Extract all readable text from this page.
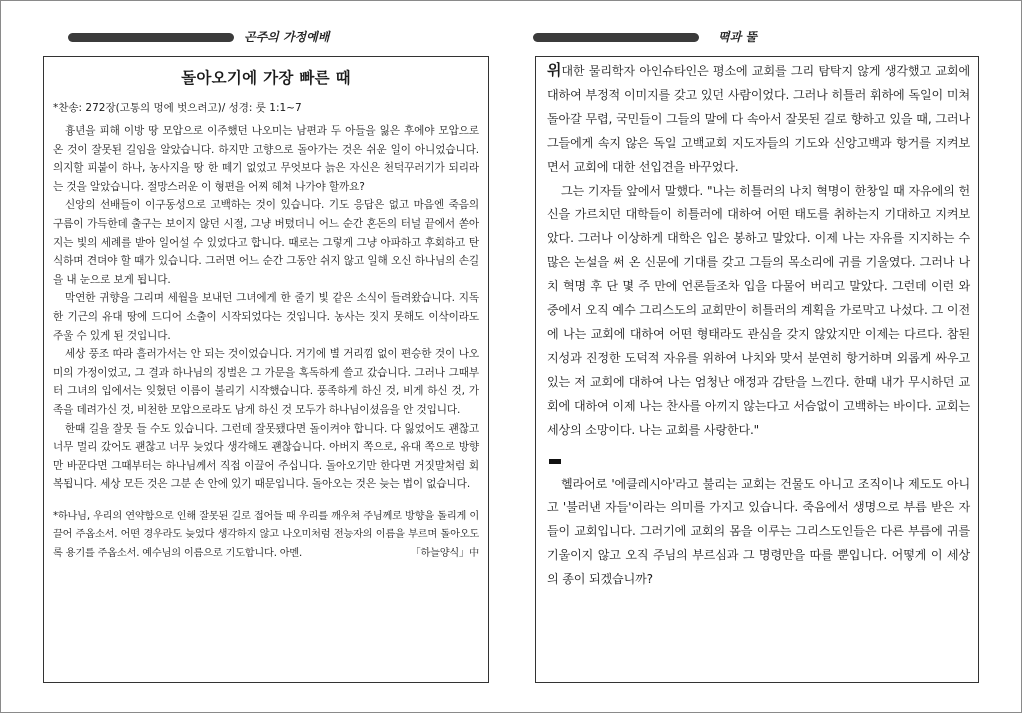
곤주의 가정예배	뗙과 뚤
돌아오기에 가장 빠른 때
*찬송: 272장(고통의 멍에 벗으려고)/ 성경: 룻 1:1~7

흉년을 피해 이방 땅 모압으로 이주했던 나오미는 남편과 두 아들을 잃은 후에야 모압으로 온 것이 잘못된 길임을 알았습니다. 하지만 고향으로 돌아가는 것은 쉬운 일이 아니었습니다. 의지할 피붙이 하나, 농사지을 땅 한 떼기 없었고 무엇보다 늙은 자신은 천덕꾸러기가 되리라는 것을 알았습니다. 절망스러운 이 형편을 어찌 헤쳐 나가야 할까요?

신앙의 선배들이 이구동성으로 고백하는 것이 있습니다. 기도 응답은 없고 마음엔 죽음의 구름이 가득한데 출구는 보이지 않던 시절, 그냥 버텼더니 어느 순간 혼돈의 터널 끝에서 쏟아지는 빛의 세례를 받아 일어설 수 있었다고 합니다. 때로는 그렇게 그냥 아파하고 후회하고 탄식하며 견뎌야 할 때가 있습니다. 그러면 어느 순간 그동안 쉬지 않고 일해 오신 하나님의 손길을 내 눈으로 보게 됩니다.

막연한 귀향을 그리며 세월을 보내던 그녀에게 한 줄기 빛 같은 소식이 들려왔습니다. 지독한 기근의 유대 땅에 드디어 소출이 시작되었다는 것입니다. 농사는 짓지 못해도 이삭이라도 주울 수 있게 된 것입니다.

세상 풍조 따라 흘러가서는 안 되는 것이었습니다. 거기에 별 거리낌 없이 편승한 것이 나오미의 가정이었고, 그 결과 하나님의 징벌은 그 가문을 혹독하게 쓸고 갔습니다. 그러나 그때부터 그녀의 입에서는 잊혔던 이름이 불리기 시작했습니다. 풍족하게 하신 것, 비게 하신 것, 가족을 데려가신 것, 비천한 모압으로라도 남게 하신 것 모두가 하나님이셨음을 안 것입니다.

한때 길을 잘못 들 수도 있습니다. 그런데 잘못됐다면 돌이켜야 합니다. 다 잃었어도 괜찮고 너무 멀리 갔어도 괜찮고 너무 늦었다 생각해도 괜찮습니다. 아버지 쪽으로, 유대 쪽으로 방향만 바꾼다면 그때부터는 하나님께서 직접 이끌어 주십니다. 돌아오기만 한다면 거짓말처럼 회복됩니다. 세상 모든 것은 그분 손 안에 있기 때문입니다. 돌아오는 것은 늦는 법이 없습니다.

*하나님, 우리의 연약함으로 인해 잘못된 길로 접어들 때 우리를 깨우쳐 주님께로 방향을 돌리게 이끌어 주옵소서. 어떤 경우라도 늦었다 생각하지 않고 나오미처럼 전능자의 이름을 부르며 돌아오도록 용기를 주옵소서. 예수님의 이름으로 기도합니다. 아멘.	「하늘양식」中

위대한 물리학자 아인슈타인은 평소에 교회를 그리 탐탁지 않게 생각했고 교회에 대하여 부정적 이미지를 갖고 있던 사람이었다. 그러나 히틀러 휘하에 독일이 미쳐 돌아갈 무렵, 국민들이 그들의 말에 다 속아서 잘못된 길로 향하고 있을 때, 그러나 그들에게 속지 않은 독일 고백교회 지도자들의 기도와 신앙고백과 항거를 지켜보면서 교회에 대한 선입견을 바꾸었다.

그는 기자들 앞에서 말했다. "나는 히틀러의 나치 혁명이 한창일 때 자유에의 헌신을 가르치던 대학들이 히틀러에 대하여 어떤 태도를 취하는지 기대하고 지켜보았다. 그러나 이상하게 대학은 입은 봉하고 말았다. 이제 나는 자유를 지지하는 수많은 논설을 써 온 신문에 기대를 갖고 그들의 목소리에 귀를 기울였다. 그러나 나치 혁명 후 단 몇 주 만에 언론들조차 입을 다물어 버리고 말았다. 그런데 이런 와중에서 오직 예수 그리스도의 교회만이 히틀러의 계획을 가로막고 나섰다. 그 이전에 나는 교회에 대하여 어떤 형태라도 관심을 갖지 않았지만 이제는 다르다. 참된 지성과 진정한 도덕적 자유를 위하여 나치와 맞서 분연히 항거하며 외롭게 싸우고 있는 저 교회에 대하여 나는 엄청난 애정과 감탄을 느낀다. 한때 내가 무시하던 교회에 대하여 이제 나는 찬사를 아끼지 않는다고 서슴없이 고백하는 바이다. 교회는 세상의 소망이다. 나는 교회를 사랑한다."

헬라어로 '에클레시아'라고 불리는 교회는 건물도 아니고 조직이나 제도도 아니고 '불러낸 자들'이라는 의미를 가지고 있습니다. 죽음에서 생명으로 부름 받은 자들이 교회입니다. 그러기에 교회의 몸을 이루는 그리스도인들은 다른 부름에 귀를 기울이지 않고 오직 주님의 부르심과 그 명령만을 따를 뿐입니다. 어떻게 이 세상의 종이 되겠습니까?
